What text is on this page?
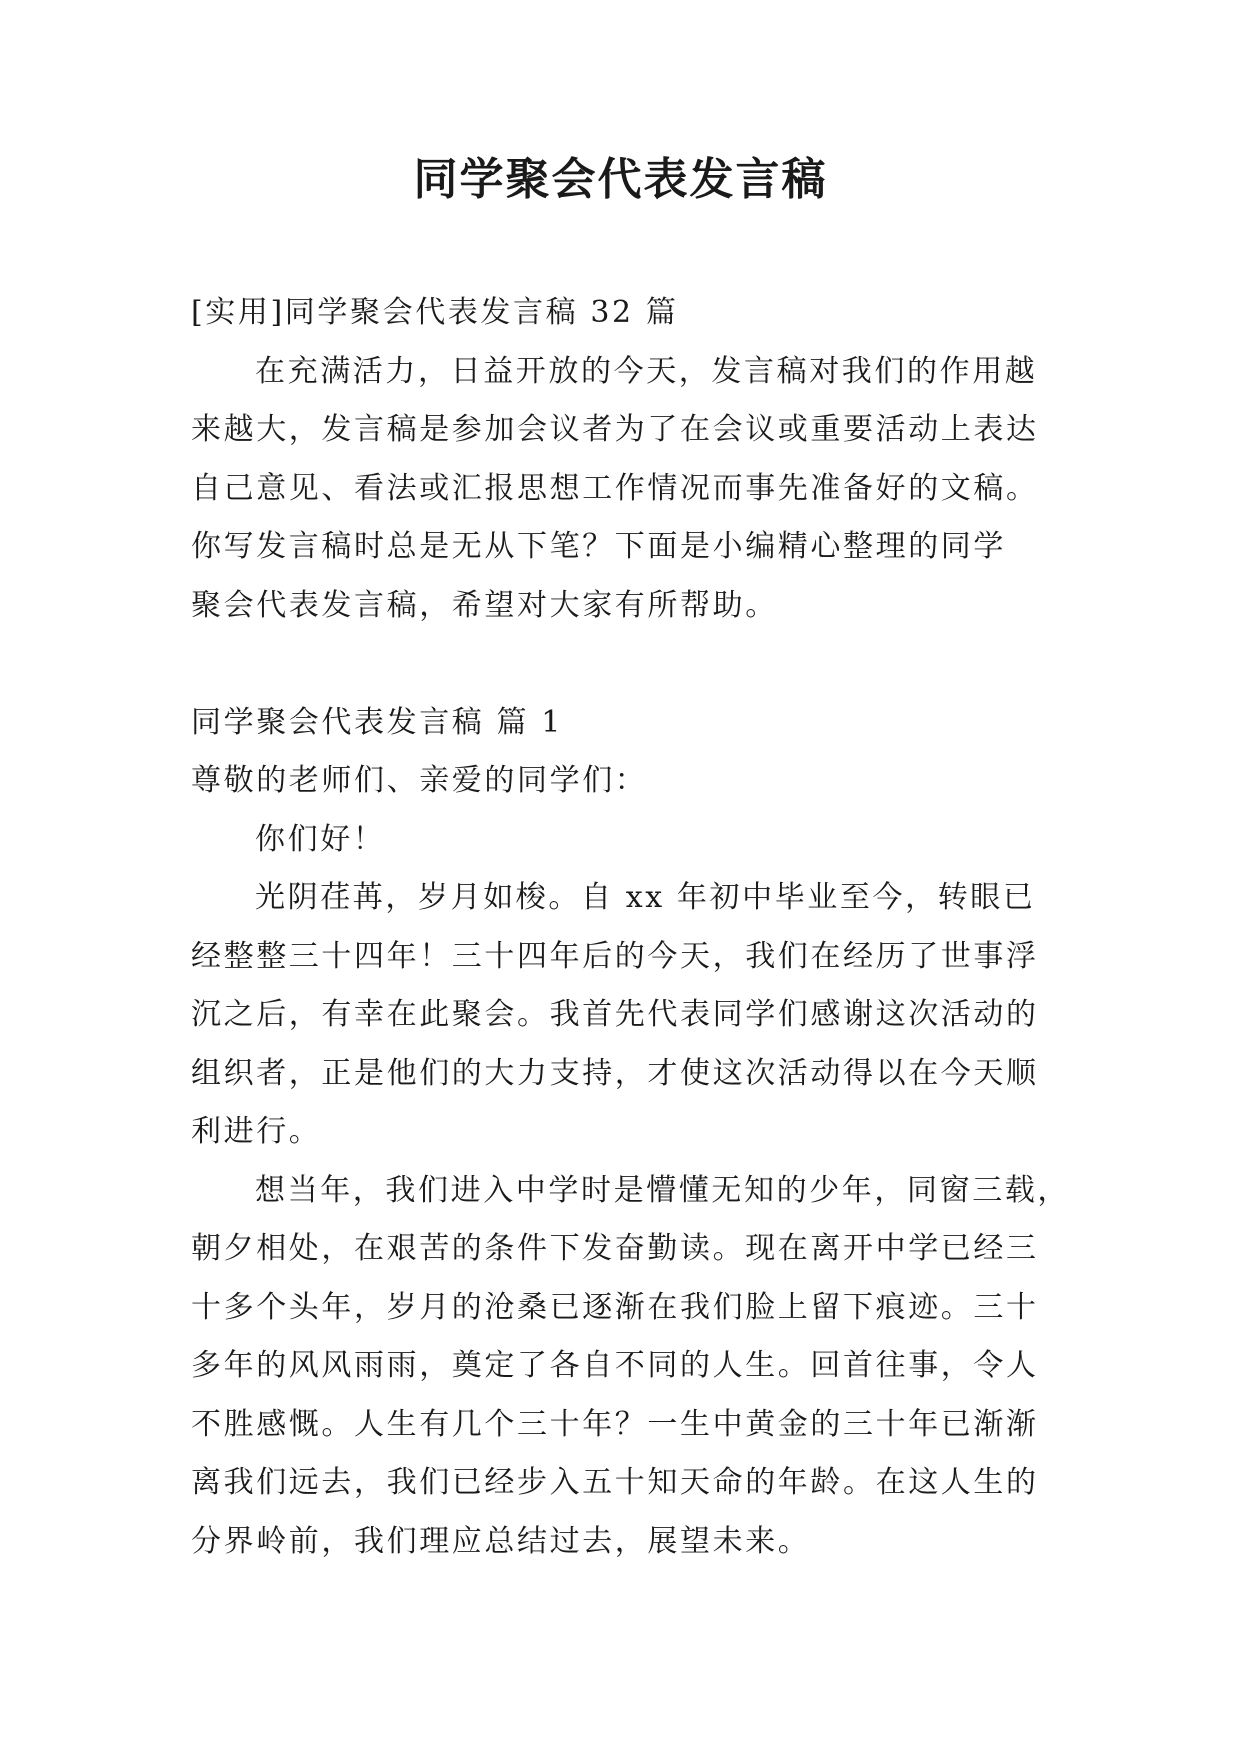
同学聚会代表发言稿

[实用]同学聚会代表发言稿 32 篇

在充满活力，日益开放的今天，发言稿对我们的作用越

来越大，发言稿是参加会议者为了在会议或重要活动上表达

自己意见、看法或汇报思想工作情况而事先准备好的文稿。

你写发言稿时总是无从下笔？下面是小编精心整理的同学

聚会代表发言稿，希望对大家有所帮助。

同学聚会代表发言稿 篇 1

尊敬的老师们、亲爱的同学们：

你们好！

光阴荏苒，岁月如梭。自 xx 年初中毕业至今，转眼已

经整整三十四年！三十四年后的今天，我们在经历了世事浮

沉之后，有幸在此聚会。我首先代表同学们感谢这次活动的

组织者，正是他们的大力支持，才使这次活动得以在今天顺

利进行。

想当年，我们进入中学时是懵懂无知的少年，同窗三载，

朝夕相处，在艰苦的条件下发奋勤读。现在离开中学已经三

十多个头年，岁月的沧桑已逐渐在我们脸上留下痕迹。三十

多年的风风雨雨，奠定了各自不同的人生。回首往事，令人

不胜感慨。人生有几个三十年？一生中黄金的三十年已渐渐

离我们远去，我们已经步入五十知天命的年龄。在这人生的

分界岭前，我们理应总结过去，展望未来。
